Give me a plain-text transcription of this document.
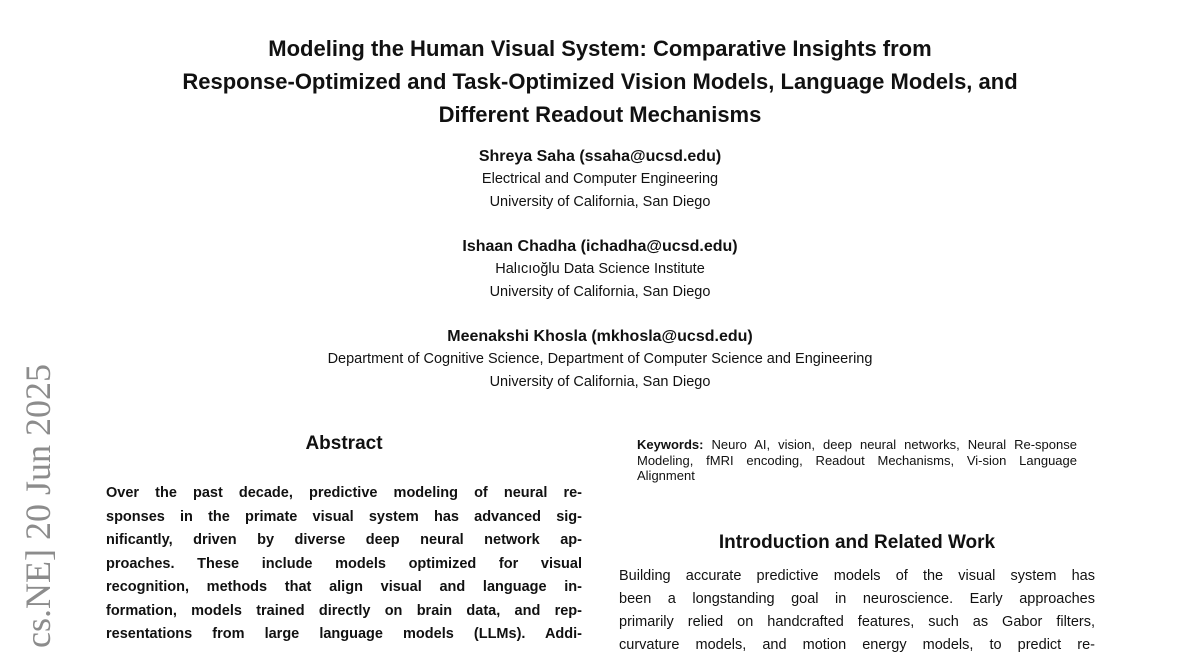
cs.NE] 20 Jun 2025
Modeling the Human Visual System: Comparative Insights from
Response-Optimized and Task-Optimized Vision Models, Language Models, and
Different Readout Mechanisms
Shreya Saha (ssaha@ucsd.edu)
Electrical and Computer Engineering
University of California, San Diego
Ishaan Chadha (ichadha@ucsd.edu)
Halıcıoğlu Data Science Institute
University of California, San Diego
Meenakshi Khosla (mkhosla@ucsd.edu)
Department of Cognitive Science, Department of Computer Science and Engineering
University of California, San Diego
Abstract
Over the past decade, predictive modeling of neural re-
sponses in the primate visual system has advanced sig-
nificantly, driven by diverse deep neural network ap-
proaches. These include models optimized for visual
recognition, methods that align visual and language in-
formation, models trained directly on brain data, and rep-
resentations from large language models (LLMs). Addi-
Keywords: Neuro AI, vision, deep neural networks, Neural Re-sponse Modeling, fMRI encoding, Readout Mechanisms, Vi-sion Language Alignment
Introduction and Related Work
Building accurate predictive models of the visual system has
been a longstanding goal in neuroscience. Early approaches
primarily relied on handcrafted features, such as Gabor filters,
curvature models, and motion energy models, to predict re-
